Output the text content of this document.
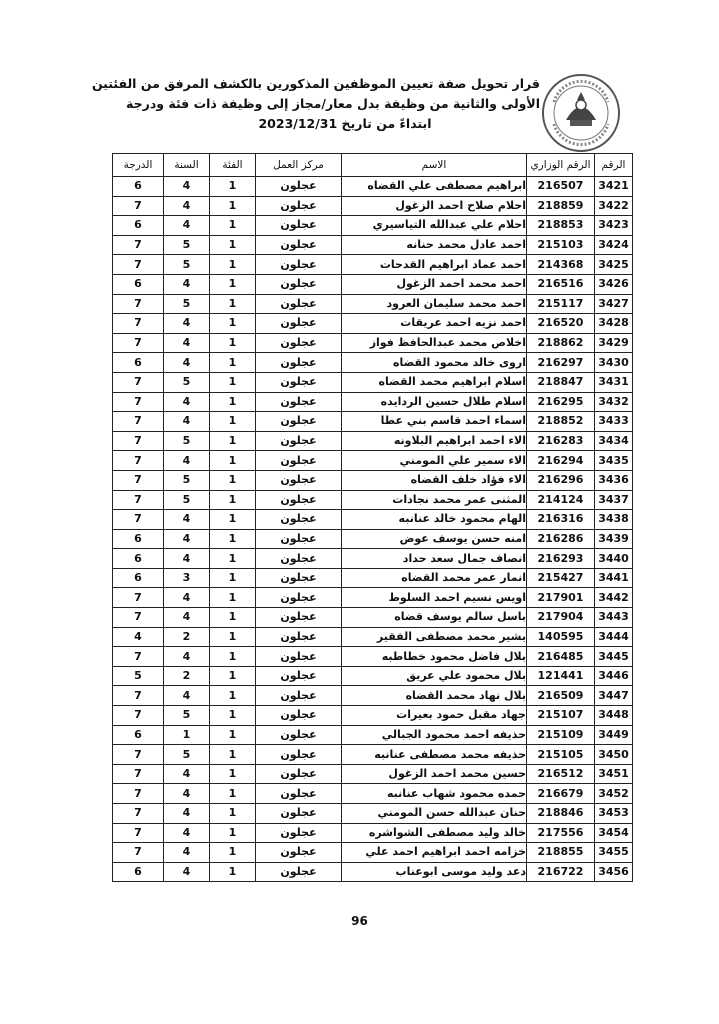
قرار تحويل صفة تعيين الموظفين المذكورين بالكشف المرفق من الفئتين
الأولى والثانية من وظيفة بدل معار/مجاز إلى وظيفة ذات فئة ودرجة
ابتداءً من تاريخ 2023/12/31
الرقم	الرقم الوزاري	الاسم	مركز العمل	الفئة	السنة	الدرجة
3421	216507	ابراهيم مصطفى علي القضاه	عجلون	1	4	6
3422	218859	احلام صلاح احمد الزغول	عجلون	1	4	7
3423	218853	احلام علي عبدالله التياسيري	عجلون	1	4	6
3424	215103	احمد عادل محمد حنانه	عجلون	1	5	7
3425	214368	احمد عماد ابراهيم القدحات	عجلون	1	5	7
3426	216516	احمد محمد احمد الزغول	عجلون	1	4	6
3427	215117	احمد محمد سليمان العرود	عجلون	1	5	7
3428	216520	احمد نزيه احمد عريقات	عجلون	1	4	7
3429	218862	اخلاص محمد عبدالحافظ فواز	عجلون	1	4	7
3430	216297	اروى خالد محمود القضاه	عجلون	1	4	6
3431	218847	اسلام ابراهيم محمد القضاه	عجلون	1	5	7
3432	216295	اسلام طلال حسين الردايده	عجلون	1	4	7
3433	218852	اسماء احمد قاسم بني عطا	عجلون	1	4	7
3434	216283	الاء احمد ابراهيم البلاونه	عجلون	1	5	7
3435	216294	الاء سمير علي المومني	عجلون	1	4	7
3436	216296	الاء فؤاد خلف القضاه	عجلون	1	5	7
3437	214124	المثنى عمر محمد نجادات	عجلون	1	5	7
3438	216316	الهام محمود خالد عنانبه	عجلون	1	4	7
3439	216286	امنه حسن يوسف عوض	عجلون	1	4	6
3440	216293	انصاف جمال سعد حداد	عجلون	1	4	6
3441	215427	انمار عمر محمد القضاه	عجلون	1	3	6
3442	217901	اويس نسيم احمد السلوط	عجلون	1	4	7
3443	217904	باسل سالم يوسف قضاه	عجلون	1	4	7
3444	140595	بشير محمد مصطفى الفقير	عجلون	1	2	4
3445	216485	بلال فاضل محمود خطاطبه	عجلون	1	4	7
3446	121441	بلال محمود علي عريق	عجلون	1	2	5
3447	216509	بلال نهاد محمد القضاه	عجلون	1	4	7
3448	215107	جهاد مقبل حمود بعيرات	عجلون	1	5	7
3449	215109	حذيفه احمد محمود الجبالي	عجلون	1	1	6
3450	215105	حذيفه محمد مصطفى عنانبه	عجلون	1	5	7
3451	216512	حسين محمد احمد الزغول	عجلون	1	4	7
3452	216679	حمده محمود شهاب عنانبه	عجلون	1	4	7
3453	218846	حنان عبدالله حسن المومني	عجلون	1	4	7
3454	217556	خالد وليد مصطفى الشواشره	عجلون	1	4	7
3455	218855	خزامه احمد ابراهيم احمد علي	عجلون	1	4	7
3456	216722	دعد وليد موسى ابوعناب	عجلون	1	4	6
96
